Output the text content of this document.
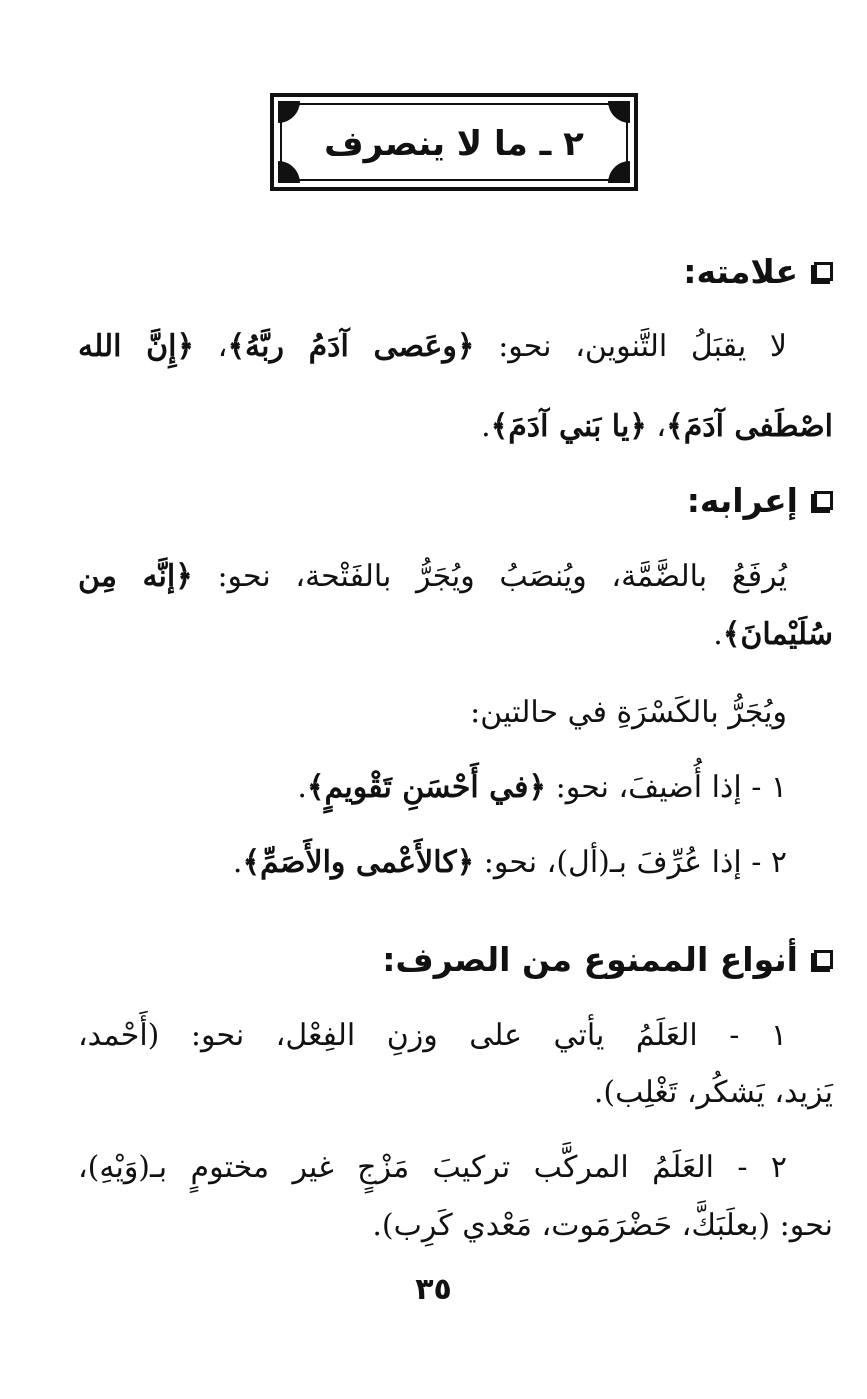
٢ ـ ما لا ينصرف
علامته:
لا يقبَلُ التَّنوين، نحو: ﴿وعَصى آدَمُ ربَّهُ﴾، ﴿إِنَّ الله
اصْطَفى آدَمَ﴾، ﴿يا بَني آدَمَ﴾.
إعرابه:
يُرفَعُ بالضَّمَّة، ويُنصَبُ ويُجَرُّ بالفَتْحة، نحو: ﴿إنَّه مِن
سُلَيْمانَ﴾.
ويُجَرُّ بالكَسْرَةِ في حالتين:
١ - إذا أُضيفَ، نحو: ﴿في أَحْسَنِ تَقْويمٍ﴾.
٢ - إذا عُرِّفَ بـ(أل)، نحو: ﴿كالأَعْمى والأَصَمِّ﴾.
أنواع الممنوع من الصرف:
١ - العَلَمُ يأتي على وزنِ الفِعْل، نحو: (أَحْمد،
يَزيد، يَشكُر، تَغْلِب).
٢ - العَلَمُ المركَّب تركيبَ مَزْجٍ غير مختومٍ بـ(وَيْهِ)،
نحو: (بعلَبَكَّ، حَضْرَمَوت، مَعْدي كَرِب).
٣٥
